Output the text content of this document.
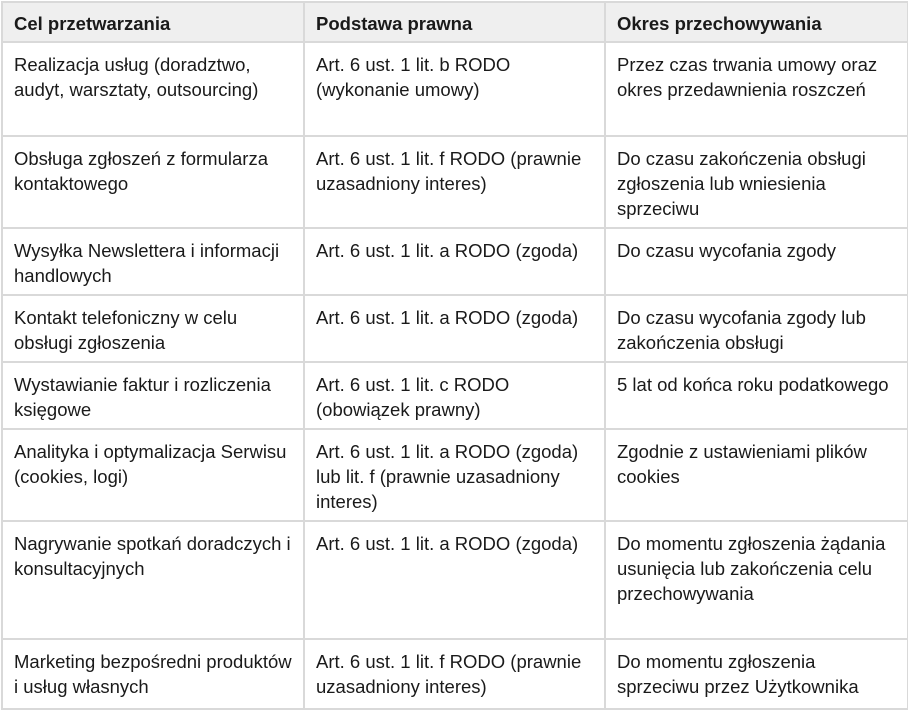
Cel przetwarzania	Podstawa prawna	Okres przechowywania
Realizacja usług (doradztwo, audyt, warsztaty, outsourcing)	Art. 6 ust. 1 lit. b RODO (wykonanie umowy)	Przez czas trwania umowy oraz okres przedawnienia roszczeń
Obsługa zgłoszeń z formularza kontaktowego	Art. 6 ust. 1 lit. f RODO (prawnie uzasadniony interes)	Do czasu zakończenia obsługi zgłoszenia lub wniesienia sprzeciwu
Wysyłka Newslettera i informacji handlowych	Art. 6 ust. 1 lit. a RODO (zgoda)	Do czasu wycofania zgody
Kontakt telefoniczny w celu obsługi zgłoszenia	Art. 6 ust. 1 lit. a RODO (zgoda)	Do czasu wycofania zgody lub zakończenia obsługi
Wystawianie faktur i rozliczenia księgowe	Art. 6 ust. 1 lit. c RODO (obowiązek prawny)	5 lat od końca roku podatkowego
Analityka i optymalizacja Serwisu (cookies, logi)	Art. 6 ust. 1 lit. a RODO (zgoda) lub lit. f (prawnie uzasadniony interes)	Zgodnie z ustawieniami plików cookies
Nagrywanie spotkań doradczych i konsultacyjnych	Art. 6 ust. 1 lit. a RODO (zgoda)	Do momentu zgłoszenia żądania usunięcia lub zakończenia celu przechowywania
Marketing bezpośredni produktów i usług własnych	Art. 6 ust. 1 lit. f RODO (prawnie uzasadniony interes)	Do momentu zgłoszenia sprzeciwu przez Użytkownika
